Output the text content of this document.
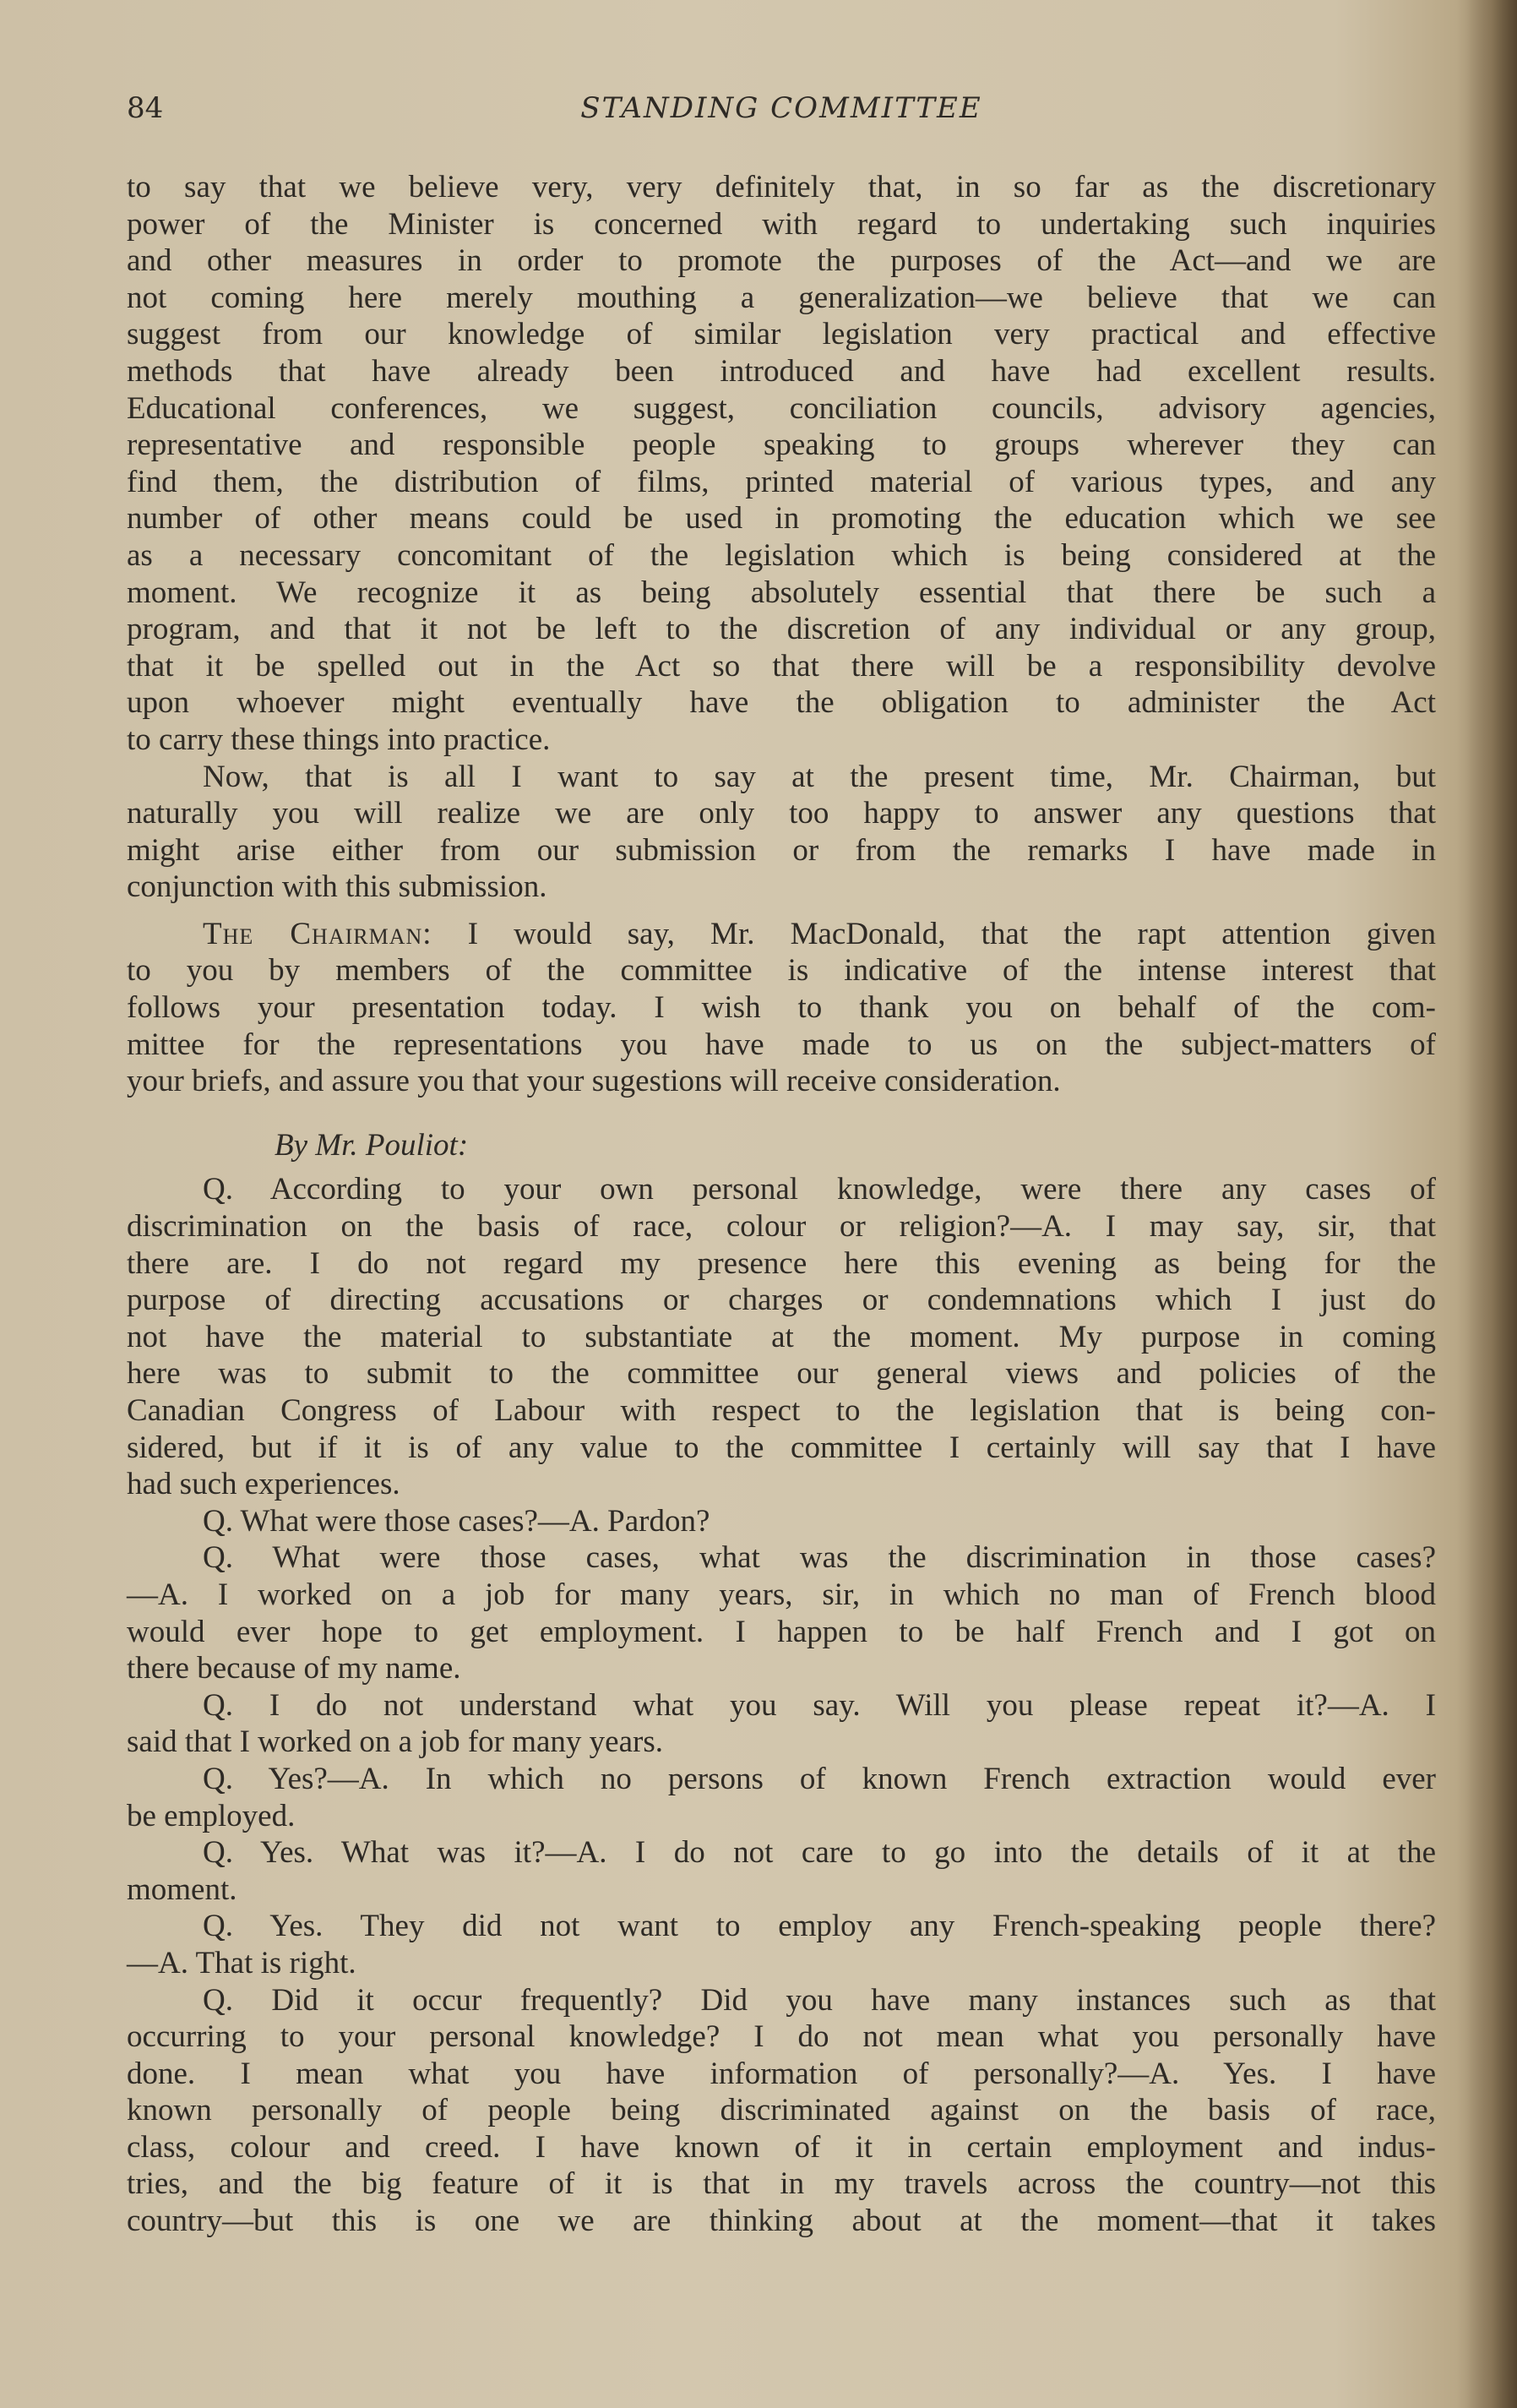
84	STANDING COMMITTEE
to say that we believe very, very definitely that, in so far as the discretionary
power of the Minister is concerned with regard to undertaking such inquiries
and other measures in order to promote the purposes of the Act—and we are
not coming here merely mouthing a generalization—we believe that we can
suggest from our knowledge of similar legislation very practical and effective
methods that have already been introduced and have had excellent results.
Educational conferences, we suggest, conciliation councils, advisory agencies,
representative and responsible people speaking to groups wherever they can
find them, the distribution of films, printed material of various types, and any
number of other means could be used in promoting the education which we see
as a necessary concomitant of the legislation which is being considered at the
moment. We recognize it as being absolutely essential that there be such a
program, and that it not be left to the discretion of any individual or any group,
that it be spelled out in the Act so that there will be a responsibility devolve
upon whoever might eventually have the obligation to administer the Act
to carry these things into practice.
Now, that is all I want to say at the present time, Mr. Chairman, but
naturally you will realize we are only too happy to answer any questions that
might arise either from our submission or from the remarks I have made in
conjunction with this submission.
The Chairman: I would say, Mr. MacDonald, that the rapt attention given
to you by members of the committee is indicative of the intense interest that
follows your presentation today. I wish to thank you on behalf of the com-
mittee for the representations you have made to us on the subject-matters of
your briefs, and assure you that your sugestions will receive consideration.
By Mr. Pouliot:
Q. According to your own personal knowledge, were there any cases of
discrimination on the basis of race, colour or religion?—A. I may say, sir, that
there are. I do not regard my presence here this evening as being for the
purpose of directing accusations or charges or condemnations which I just do
not have the material to substantiate at the moment. My purpose in coming
here was to submit to the committee our general views and policies of the
Canadian Congress of Labour with respect to the legislation that is being con-
sidered, but if it is of any value to the committee I certainly will say that I have
had such experiences.
Q. What were those cases?—A. Pardon?
Q. What were those cases, what was the discrimination in those cases?
—A. I worked on a job for many years, sir, in which no man of French blood
would ever hope to get employment. I happen to be half French and I got on
there because of my name.
Q. I do not understand what you say. Will you please repeat it?—A. I
said that I worked on a job for many years.
Q. Yes?—A. In which no persons of known French extraction would ever
be employed.
Q. Yes. What was it?—A. I do not care to go into the details of it at the
moment.
Q. Yes. They did not want to employ any French-speaking people there?
—A. That is right.
Q. Did it occur frequently? Did you have many instances such as that
occurring to your personal knowledge? I do not mean what you personally have
done. I mean what you have information of personally?—A. Yes. I have
known personally of people being discriminated against on the basis of race,
class, colour and creed. I have known of it in certain employment and indus-
tries, and the big feature of it is that in my travels across the country—not this
country—but this is one we are thinking about at the moment—that it takes
